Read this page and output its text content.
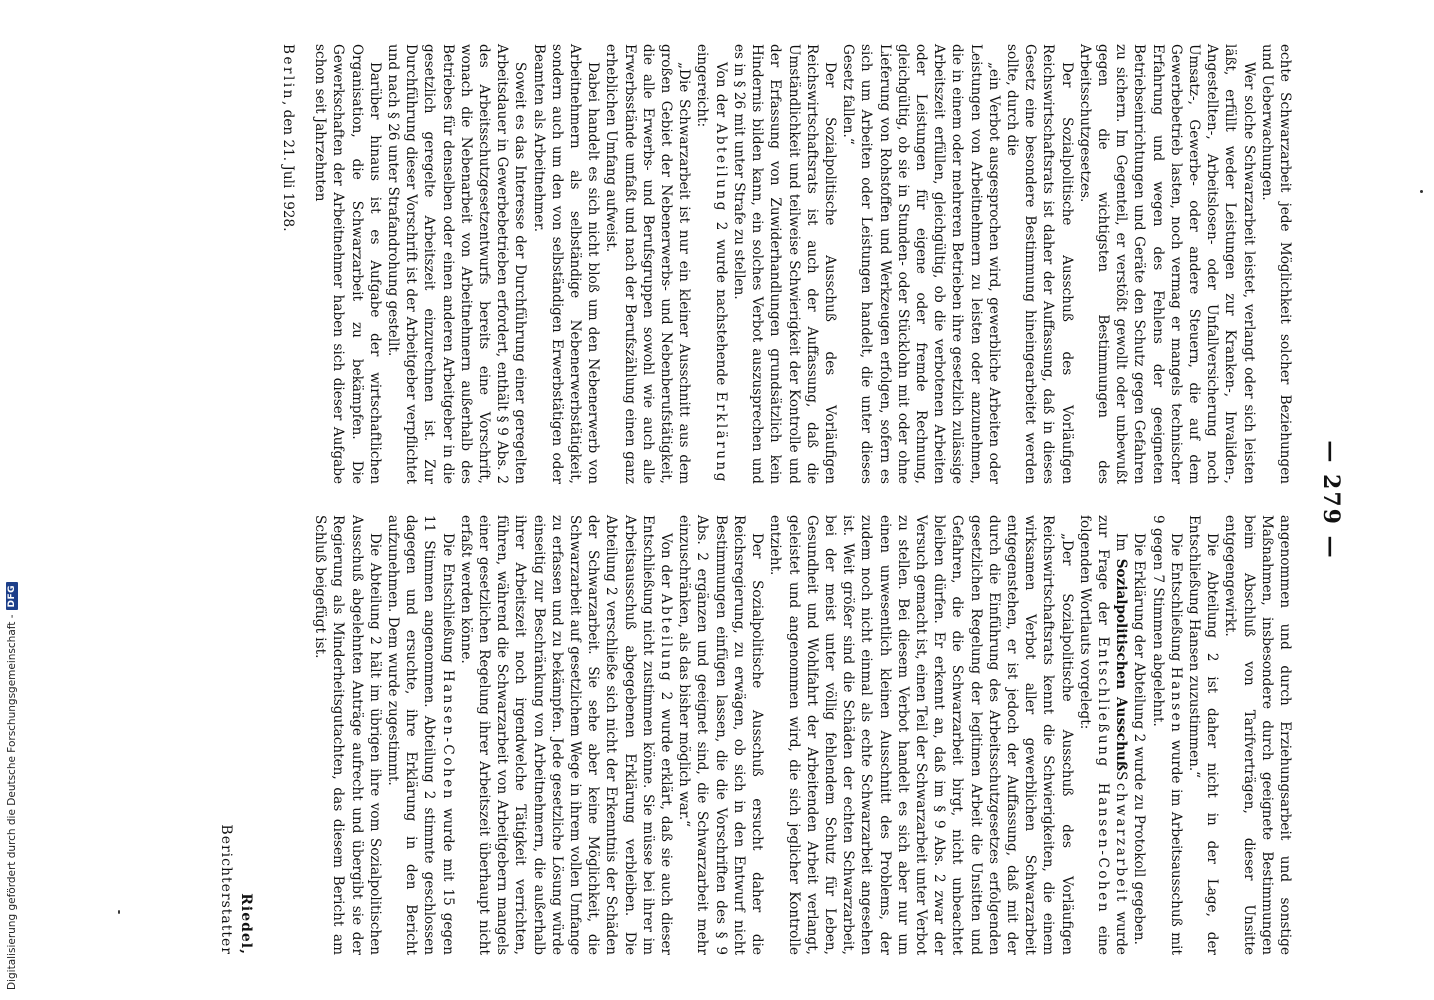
— 279 —

echte Schwarzarbeit jede Möglichkeit solcher Beziehungen und Ueberwachungen.

Wer solche Schwarzarbeit leistet, verlangt oder sich leisten läßt, erfüllt weder Leistungen zur Kranken-, Invaliden-, Angestellten-, Arbeitslosen- oder Unfallversicherung noch Umsatz-, Gewerbe- oder andere Steuern, die auf dem Gewerbebetrieb lasten, noch vermag er mangels technischer Erfahrung und wegen des Fehlens der geeigneten Betriebseinrichtungen und Geräte den Schutz gegen Gefahren zu sichern. Im Gegenteil, er verstößt gewollt oder unbewußt gegen die wichtigsten Bestimmungen des Arbeitsschutzgesetzes.

Der Sozialpolitische Ausschuß des Vorläufigen Reichswirtschaftsrats ist daher der Auffassung, daß in dieses Gesetz eine besondere Bestimmung hineingearbeitet werden sollte, durch die

„ein Verbot ausgesprochen wird, gewerbliche Arbeiten oder Leistungen von Arbeitnehmern zu leisten oder anzunehmen, die in einem oder mehreren Betrieben ihre gesetzlich zulässige Arbeitszeit erfüllen, gleichgültig, ob die verbotenen Arbeiten oder Leistungen für eigene oder fremde Rechnung, gleichgültig, ob sie in Stunden- oder Stücklohn mit oder ohne Lieferung von Rohstoffen und Werkzeugen erfolgen, sofern es sich um Arbeiten oder Leistungen handelt, die unter dieses Gesetz fallen.“

Der Sozialpolitische Ausschuß des Vorläufigen Reichswirtschaftsrats ist auch der Auffassung, daß die Umständlichkeit und teilweise Schwierigkeit der Kontrolle und der Erfassung von Zuwiderhandlungen grundsätzlich kein Hindernis bilden kann, ein solches Verbot auszusprechen und es in § 26 mit unter Strafe zu stellen.

Von der Abteilung 2 wurde nachstehende Erklärung eingereicht:

„Die Schwarzarbeit ist nur ein kleiner Ausschnitt aus dem großen Gebiet der Nebenerwerbs- und Nebenberufstätigkeit, die alle Erwerbs- und Berufsgruppen sowohl wie auch alle Erwerbsstände umfaßt und nach der Berufszählung einen ganz erheblichen Umfang aufweist.

Dabei handelt es sich nicht bloß um den Nebenerwerb von Arbeitnehmern als selbständige Nebenerwerbstätigkeit, sondern auch um den von selbständigen Erwerbstätigen oder Beamten als Arbeitnehmer.

Soweit es das Interesse der Durchführung einer geregelten Arbeitsdauer in Gewerbebetrieben erfordert, enthält § 9 Abs. 2 des Arbeitsschutzgesetzentwurfs bereits eine Vorschrift, wonach die Nebenarbeit von Arbeitnehmern außerhalb des Betriebes für denselben oder einen anderen Arbeitgeber in die gesetzlich geregelte Arbeitszeit einzurechnen ist. Zur Durchführung dieser Vorschrift ist der Arbeitgeber verpflichtet und nach § 26 unter Strafandrohung gestellt.

Darüber hinaus ist es Aufgabe der wirtschaftlichen Organisation, die Schwarzarbeit zu bekämpfen. Die Gewerkschaften der Arbeitnehmer haben sich dieser Aufgabe schon seit Jahrzehnten

Berlin, den 21. Juli 1928.

angenommen und durch Erziehungsarbeit und sonstige Maßnahmen, insbesondere durch geeignete Bestimmungen beim Abschluß von Tarifverträgen, dieser Unsitte entgegengewirkt.

Die Abteilung 2 ist daher nicht in der Lage, der Entschließung Hansen zuzustimmen.“

Die Entschließung Hansen wurde im Arbeitsausschuß mit 9 gegen 7 Stimmen abgelehnt.

Die Erklärung der Abteilung 2 wurde zu Protokoll gegeben.

Im Sozialpolitischen AusschußSchwarzarbeit wurde zur Frage der Entschließung Hansen-Cohen eine folgenden Wortlauts vorgelegt:

„Der Sozialpolitische Ausschuß des Vorläufigen Reichswirtschaftsrats kennt die Schwierigkeiten, die einem wirksamen Verbot aller gewerblichen Schwarzarbeit entgegenstehen, er ist jedoch der Auffassung, daß mit der durch die Einführung des Arbeitsschutzgesetzes erfolgenden gesetzlichen Regelung der legitimen Arbeit die Unsitten und Gefahren, die die Schwarzarbeit birgt, nicht unbeachtet bleiben dürfen. Er erkennt an, daß im § 9 Abs. 2 zwar der Versuch gemacht ist, einen Teil der Schwarzarbeit unter Verbot zu stellen. Bei diesem Verbot handelt es sich aber nur um einen unwesentlich kleinen Ausschnitt des Problems, der zudem noch nicht einmal als echte Schwarzarbeit angesehen ist. Weit größer sind die Schäden der echten Schwarzarbeit, bei der meist unter völlig fehlendem Schutz für Leben, Gesundheit und Wohlfahrt der Arbeitenden Arbeit verlangt, geleistet und angenommen wird, die sich jeglicher Kontrolle entzieht.

Der Sozialpolitische Ausschuß ersucht daher die Reichsregierung, zu erwägen, ob sich in den Entwurf nicht Bestimmungen einfügen lassen, die die Vorschriften des § 9 Abs. 2 ergänzen und geeignet sind, die Schwarzarbeit mehr einzuschränken, als das bisher möglich war.“

Von der Abteilung 2 wurde erklärt, daß sie auch dieser Entschließung nicht zustimmen könne. Sie müsse bei ihrer im Arbeitsausschuß abgegebenen Erklärung verbleiben. Die Abteilung 2 verschließe sich nicht der Erkenntnis der Schäden der Schwarzarbeit. Sie sehe aber keine Möglichkeit, die Schwarzarbeit auf gesetzlichem Wege in ihrem vollen Umfange zu erfassen und zu bekämpfen. Jede gesetzliche Lösung würde einseitig zur Beschränkung von Arbeitnehmern, die außerhalb ihrer Arbeitszeit noch irgendwelche Tätigkeit verrichten, führen, während die Schwarzarbeit von Arbeitgebern mangels einer gesetzlichen Regelung ihrer Arbeitszeit überhaupt nicht erfaßt werden könne.

Die Entschließung Hansen-Cohen wurde mit 15 gegen 11 Stimmen angenommen. Abteilung 2 stimmte geschlossen dagegen und ersuchte, ihre Erklärung in den Bericht aufzunehmen. Dem wurde zugestimmt.

Die Abteilung 2 hält im übrigen ihre vom Sozialpolitischen Ausschuß abgelehnten Anträge aufrecht und übergibt sie der Regierung als Minderheitsgutachten, das diesem Bericht am Schluß beigefügt ist.

Riedel,
Berichterstatter
Digitalisierung gefördert durch die Deutsche Forschungsgemeinschaft -
DFG
